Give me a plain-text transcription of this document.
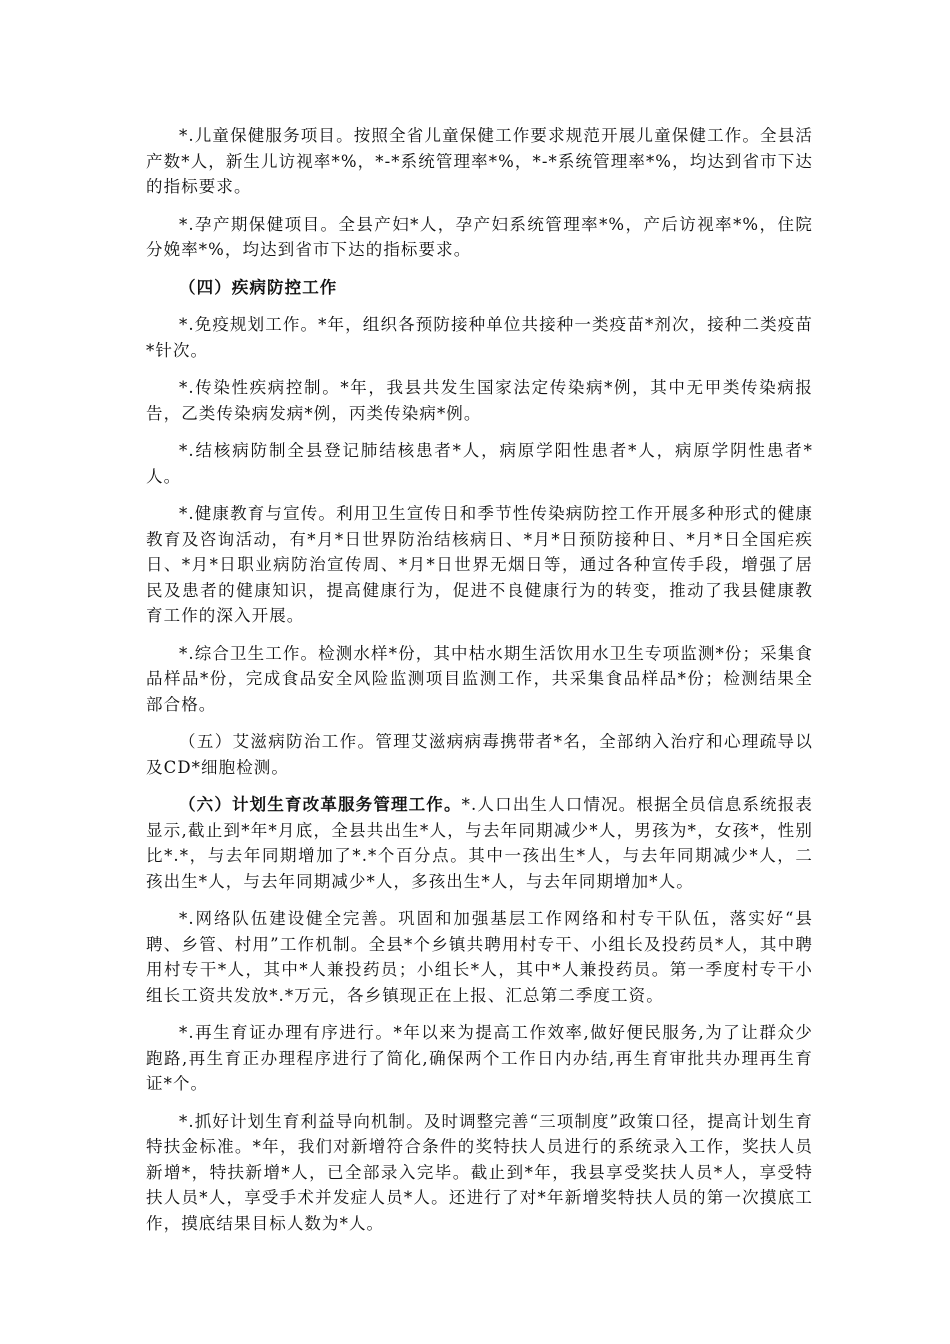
*.儿童保健服务项目。按照全省儿童保健工作要求规范开展儿童保健工作。全县活产数*人，新生儿访视率*%，*-*系统管理率*%，*-*系统管理率*%，均达到省市下达的指标要求。

*.孕产期保健项目。全县产妇*人，孕产妇系统管理率*%，产后访视率*%，住院分娩率*%，均达到省市下达的指标要求。

（四）疾病防控工作

*.免疫规划工作。*年，组织各预防接种单位共接种一类疫苗*剂次，接种二类疫苗*针次。

*.传染性疾病控制。*年，我县共发生国家法定传染病*例，其中无甲类传染病报告，乙类传染病发病*例，丙类传染病*例。

*.结核病防制全县登记肺结核患者*人，病原学阳性患者*人，病原学阴性患者*人。

*.健康教育与宣传。利用卫生宣传日和季节性传染病防控工作开展多种形式的健康教育及咨询活动，有*月*日世界防治结核病日、*月*日预防接种日、*月*日全国疟疾日、*月*日职业病防治宣传周、*月*日世界无烟日等，通过各种宣传手段，增强了居民及患者的健康知识，提高健康行为，促进不良健康行为的转变，推动了我县健康教育工作的深入开展。

*.综合卫生工作。检测水样*份，其中枯水期生活饮用水卫生专项监测*份；采集食品样品*份，完成食品安全风险监测项目监测工作，共采集食品样品*份；检测结果全部合格。

（五）艾滋病防治工作。管理艾滋病病毒携带者*名，全部纳入治疗和心理疏导以及CD*细胞检测。

（六）计划生育改革服务管理工作。*.人口出生人口情况。根据全员信息系统报表显示,截止到*年*月底，全县共出生*人，与去年同期减少*人，男孩为*，女孩*，性别比*.*，与去年同期增加了*.*个百分点。其中一孩出生*人，与去年同期减少*人，二孩出生*人，与去年同期减少*人，多孩出生*人，与去年同期增加*人。

*.网络队伍建设健全完善。巩固和加强基层工作网络和村专干队伍，落实好“县聘、乡管、村用”工作机制。全县*个乡镇共聘用村专干、小组长及投药员*人，其中聘用村专干*人，其中*人兼投药员；小组长*人，其中*人兼投药员。第一季度村专干小组长工资共发放*.*万元，各乡镇现正在上报、汇总第二季度工资。

*.再生育证办理有序进行。*年以来为提高工作效率,做好便民服务,为了让群众少跑路,再生育正办理程序进行了简化,确保两个工作日内办结,再生育审批共办理再生育证*个。

*.抓好计划生育利益导向机制。及时调整完善“三项制度”政策口径，提高计划生育特扶金标准。*年，我们对新增符合条件的奖特扶人员进行的系统录入工作，奖扶人员新增*，特扶新增*人，已全部录入完毕。截止到*年，我县享受奖扶人员*人，享受特扶人员*人，享受手术并发症人员*人。还进行了对*年新增奖特扶人员的第一次摸底工作，摸底结果目标人数为*人。
